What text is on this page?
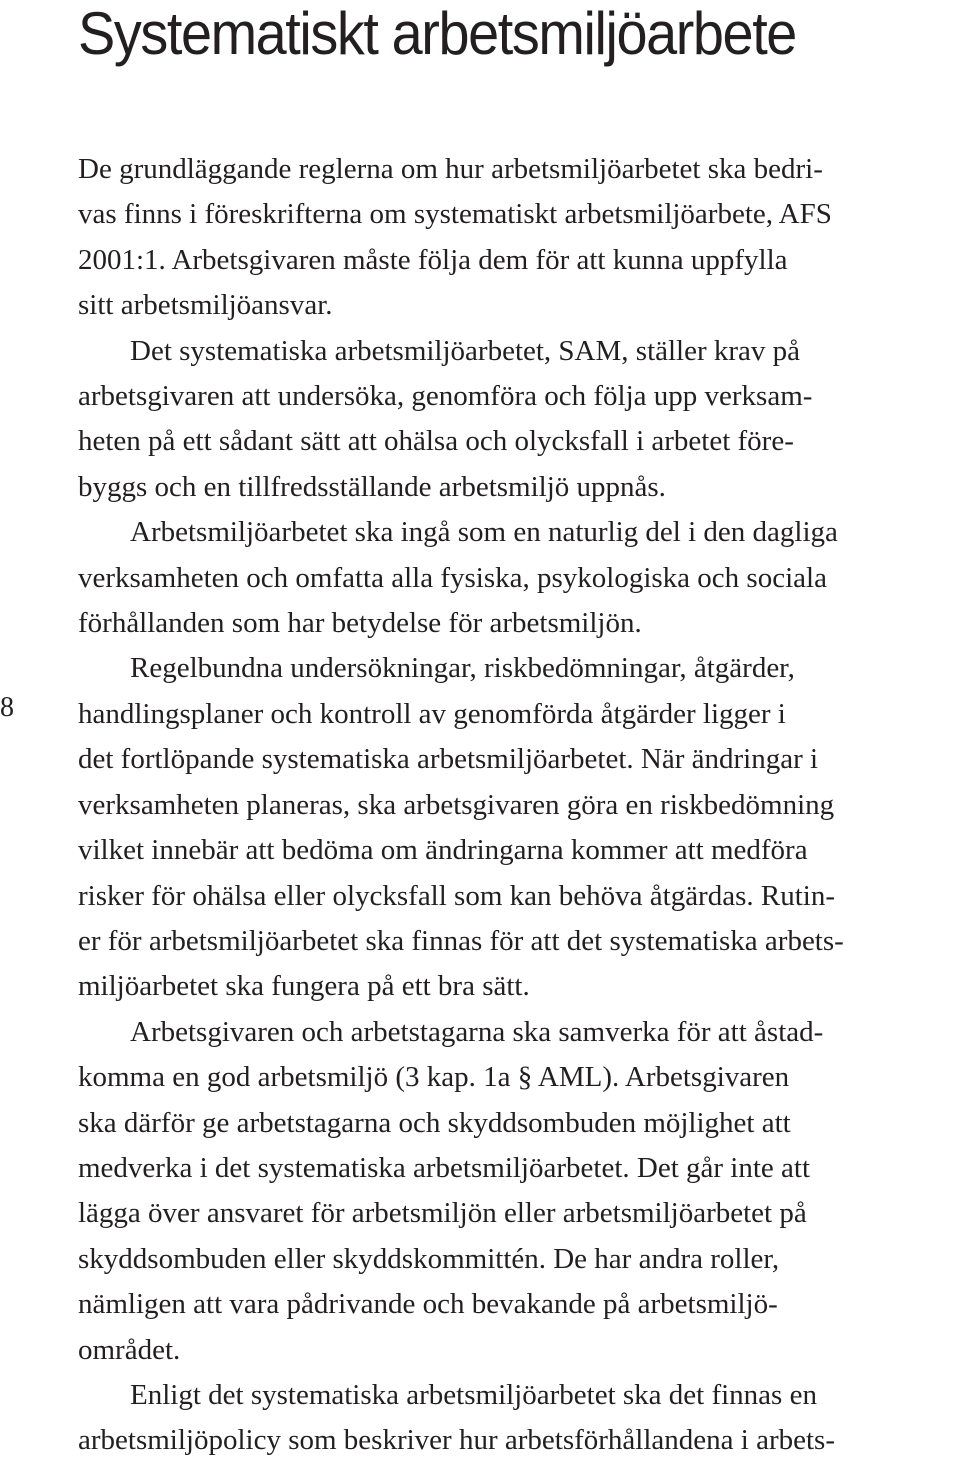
Systematiskt arbetsmiljöarbete
8
De grundläggande reglerna om hur arbetsmiljöarbetet ska bedri-
vas finns i föreskrifterna om systematiskt arbetsmiljöarbete, AFS
2001:1. Arbetsgivaren måste följa dem för att kunna uppfylla
sitt arbetsmiljöansvar.
Det systematiska arbetsmiljöarbetet, SAM, ställer krav på
arbetsgivaren att undersöka, genomföra och följa upp verksam-
heten på ett sådant sätt att ohälsa och olycksfall i arbetet före-
byggs och en tillfredsställande arbetsmiljö uppnås.
Arbetsmiljöarbetet ska ingå som en naturlig del i den dagliga
verksamheten och omfatta alla fysiska, psykologiska och sociala
förhållanden som har betydelse för arbetsmiljön.
Regelbundna undersökningar, riskbedömningar, åtgärder,
handlingsplaner och kontroll av genomförda åtgärder ligger i
det fortlöpande systematiska arbetsmiljöarbetet. När ändringar i
verksamheten planeras, ska arbetsgivaren göra en riskbedömning
vilket innebär att bedöma om ändringarna kommer att medföra
risker för ohälsa eller olycksfall som kan behöva åtgärdas. Rutin-
er för arbetsmiljöarbetet ska finnas för att det systematiska arbets-
miljöarbetet ska fungera på ett bra sätt.
Arbetsgivaren och arbetstagarna ska samverka för att åstad-
komma en god arbetsmiljö (3 kap. 1a § AML). Arbetsgivaren
ska därför ge arbetstagarna och skyddsombuden möjlighet att
medverka i det systematiska arbetsmiljöarbetet. Det går inte att
lägga över ansvaret för arbetsmiljön eller arbetsmiljöarbetet på
skyddsombuden eller skyddskommittén. De har andra roller,
nämligen att vara pådrivande och bevakande på arbetsmiljö-
området.
Enligt det systematiska arbetsmiljöarbetet ska det finnas en
arbetsmiljöpolicy som beskriver hur arbetsförhållandena i arbets-
